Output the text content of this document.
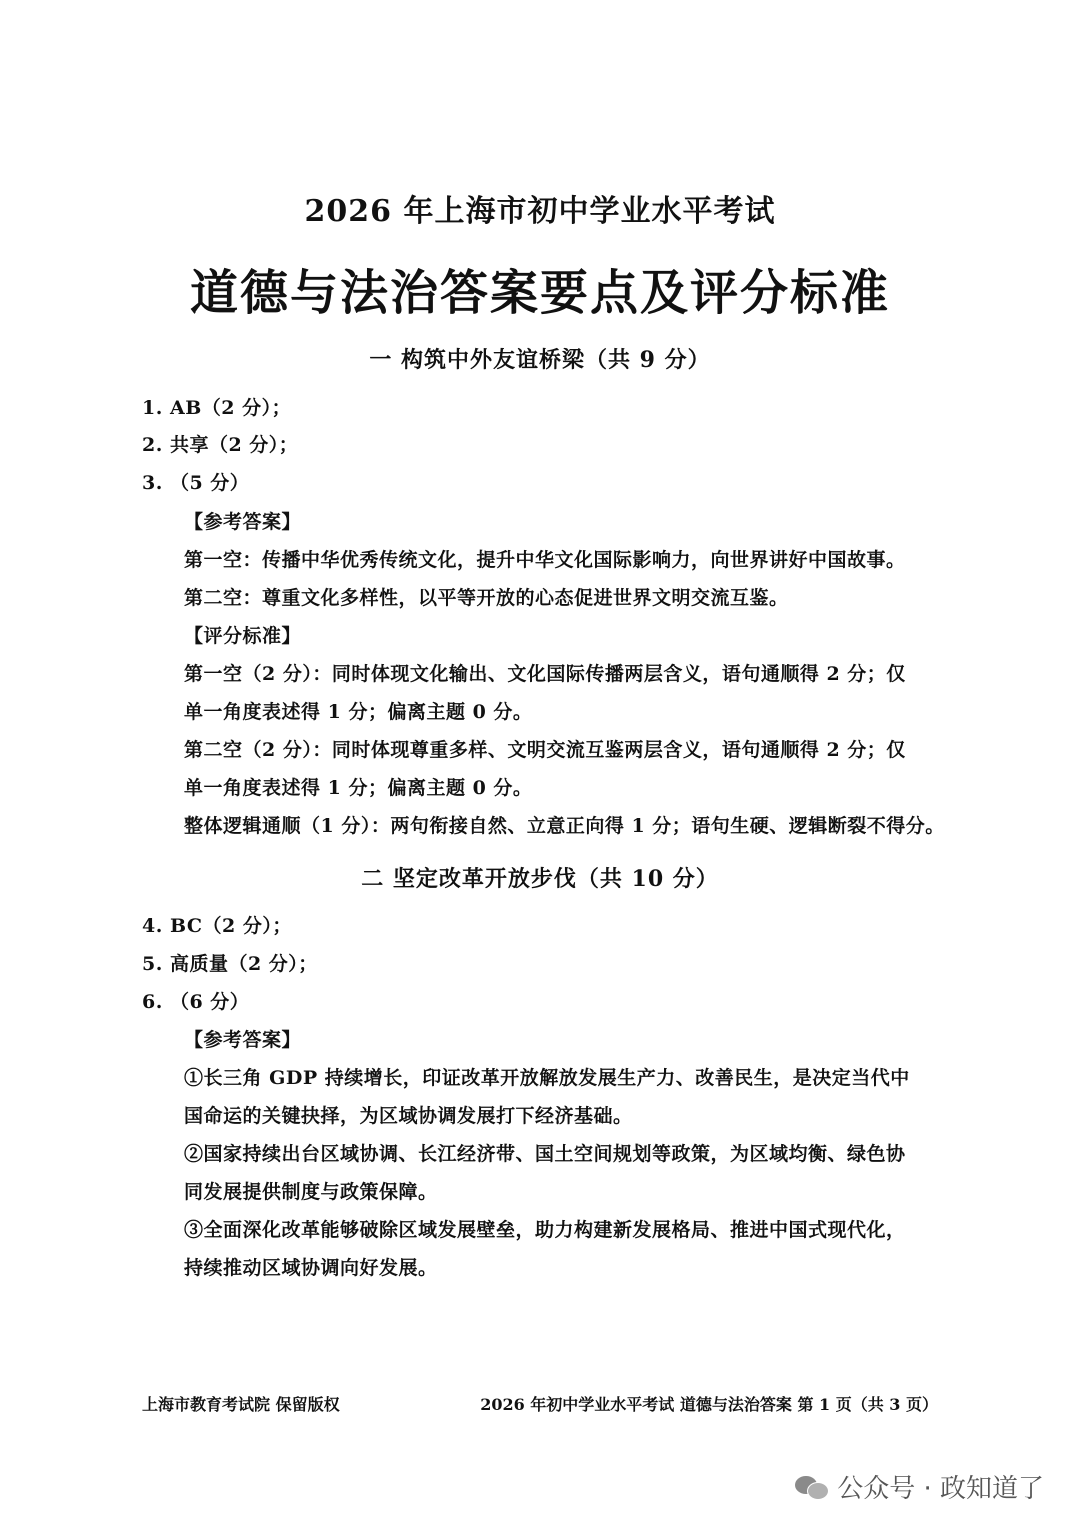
2026 年上海市初中学业水平考试
道德与法治答案要点及评分标准
一 构筑中外友谊桥梁（共 9 分）
1. AB（2 分）；
2. 共享（2 分）；
3. （5 分）
【参考答案】
第一空：传播中华优秀传统文化，提升中华文化国际影响力，向世界讲好中国故事。
第二空：尊重文化多样性，以平等开放的心态促进世界文明交流互鉴。
【评分标准】
第一空（2 分）：同时体现文化输出、文化国际传播两层含义，语句通顺得 2 分；仅
单一角度表述得 1 分；偏离主题 0 分。
第二空（2 分）：同时体现尊重多样、文明交流互鉴两层含义，语句通顺得 2 分；仅
单一角度表述得 1 分；偏离主题 0 分。
整体逻辑通顺（1 分）：两句衔接自然、立意正向得 1 分；语句生硬、逻辑断裂不得分。
二 坚定改革开放步伐（共 10 分）
4. BC（2 分）；
5. 高质量（2 分）；
6. （6 分）
【参考答案】
①长三角 GDP 持续增长，印证改革开放解放发展生产力、改善民生，是决定当代中
国命运的关键抉择，为区域协调发展打下经济基础。
②国家持续出台区域协调、长江经济带、国土空间规划等政策，为区域均衡、绿色协
同发展提供制度与政策保障。
③全面深化改革能够破除区域发展壁垒，助力构建新发展格局、推进中国式现代化，
持续推动区域协调向好发展。
上海市教育考试院 保留版权	2026 年初中学业水平考试 道德与法治答案 第 1 页（共 3 页）
公众号 · 政知道了
